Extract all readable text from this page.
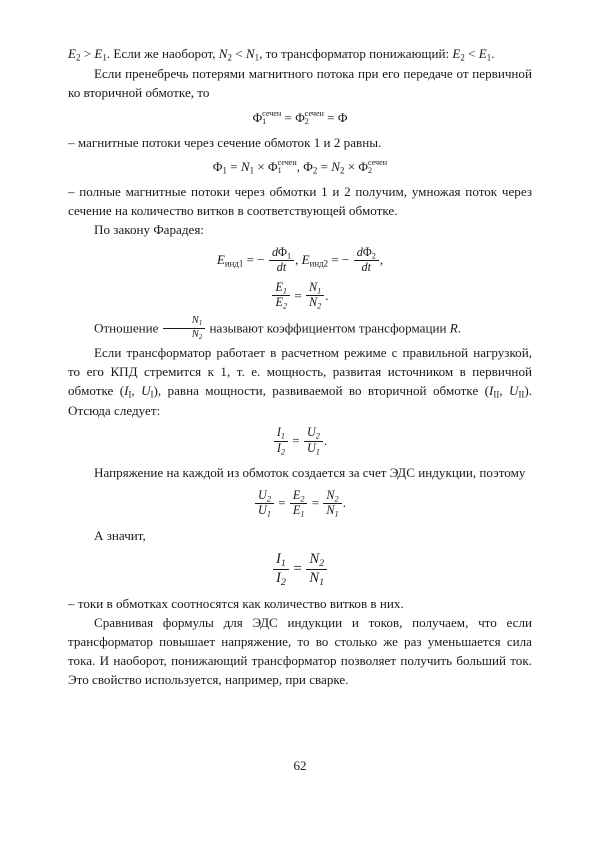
$E_2 > E_1$. Если же наоборот, $N_2 < N_1$, то трансформатор понижающий: $E_2 < E_1$.

Если пренебречь потерями магнитного потока при его передаче от первичной ко вторичной обмотке, то

Φ сечен
1	= Φ сечен
2	= Φ

– магнитные потоки через сечение обмоток 1 и 2 равны.

$\Phi_1 = N_1 \times \Phi$ сечен
1	, $\Phi_2 = N_2 \times \Phi$ сечен
2

– полные магнитные потоки через обмотки 1 и 2 получим, умножая поток через сечение на количество витков в соответствующей обмотке.

По закону Фарадея:

$E_{инд1}$ = − $\frac{d\Phi_1}{dt}$ , $E_{инд2}$ = − $\frac{d\Phi_2}{dt}$ ,
$\frac{E_1}{E_2} = \frac{N_1}{N_2}$ .

Отношение $\frac{N_1}{N_2}$ называют коэффициентом трансформации R.

Если трансформатор работает в расчетном режиме с правильной нагрузкой, то его КПД стремится к 1, т. е. мощность, развитая источником в первичной обмотке ($I_I$, $U_I$), равна мощности, развиваемой во вторичной обмотке ($I_{II}$, $U_{II}$). Отсюда следует:

$\frac{I_1}{I_2} = \frac{U_2}{U_1}$ .

Напряжение на каждой из обмоток создается за счет ЭДС индукции, поэтому

$\frac{U_2}{U_1} = \frac{E_2}{E_1} = \frac{N_2}{N_1}$ .

А значит,

$\frac{I_1}{I_2} = \frac{N_2}{N_1}$

– токи в обмотках соотносятся как количество витков в них.

Сравнивая формулы для ЭДС индукции и токов, получаем, что если трансформатор повышает напряжение, то во столько же раз уменьшается сила тока. И наоборот, понижающий трансформатор позволяет получить больший ток. Это свойство используется, например, при сварке.

62
